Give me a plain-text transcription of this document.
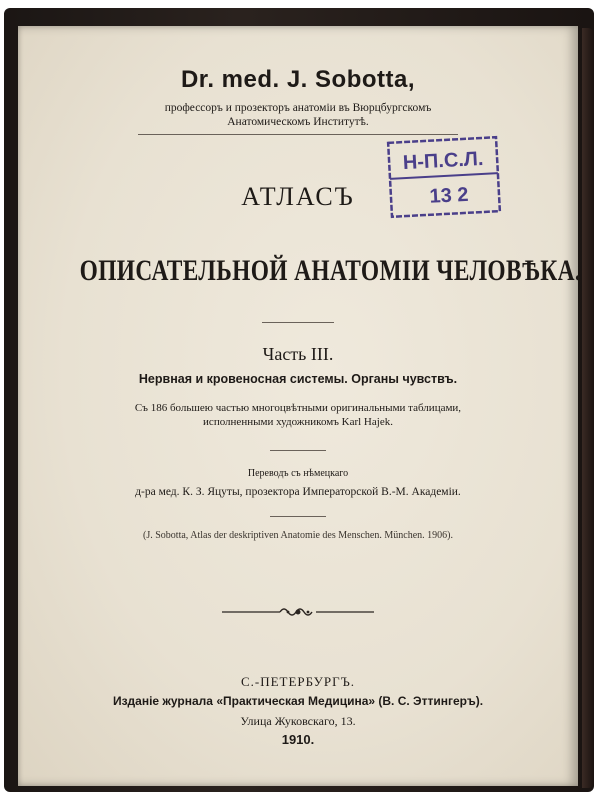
Dr. med. J. Sobotta,
профессоръ и прозекторъ анатоміи въ Вюрцбургскомъ
Анатомическомъ Институтѣ.
Н-П.С.Л.
13 2
АТЛАСЪ
ОПИСАТЕЛЬНОЙ АНАТОМІИ ЧЕЛОВѢКА.
Часть III.
Нервная и кровеносная системы. Органы чувствъ.
Съ 186 большею частью многоцвѣтными оригинальными таблицами,
исполненными художникомъ Karl Hajek.
Переводъ съ нѣмецкаго
д-ра мед. К. З. Яцуты, прозектора Императорской В.-М. Академіи.
(J. Sobotta, Atlas der deskriptiven Anatomie des Menschen. München. 1906).
С.-ПЕТЕРБУРГЪ.
Изданіе журнала «Практическая Медицина» (В. С. Эттингеръ).
Улица Жуковскаго, 13.
1910.
